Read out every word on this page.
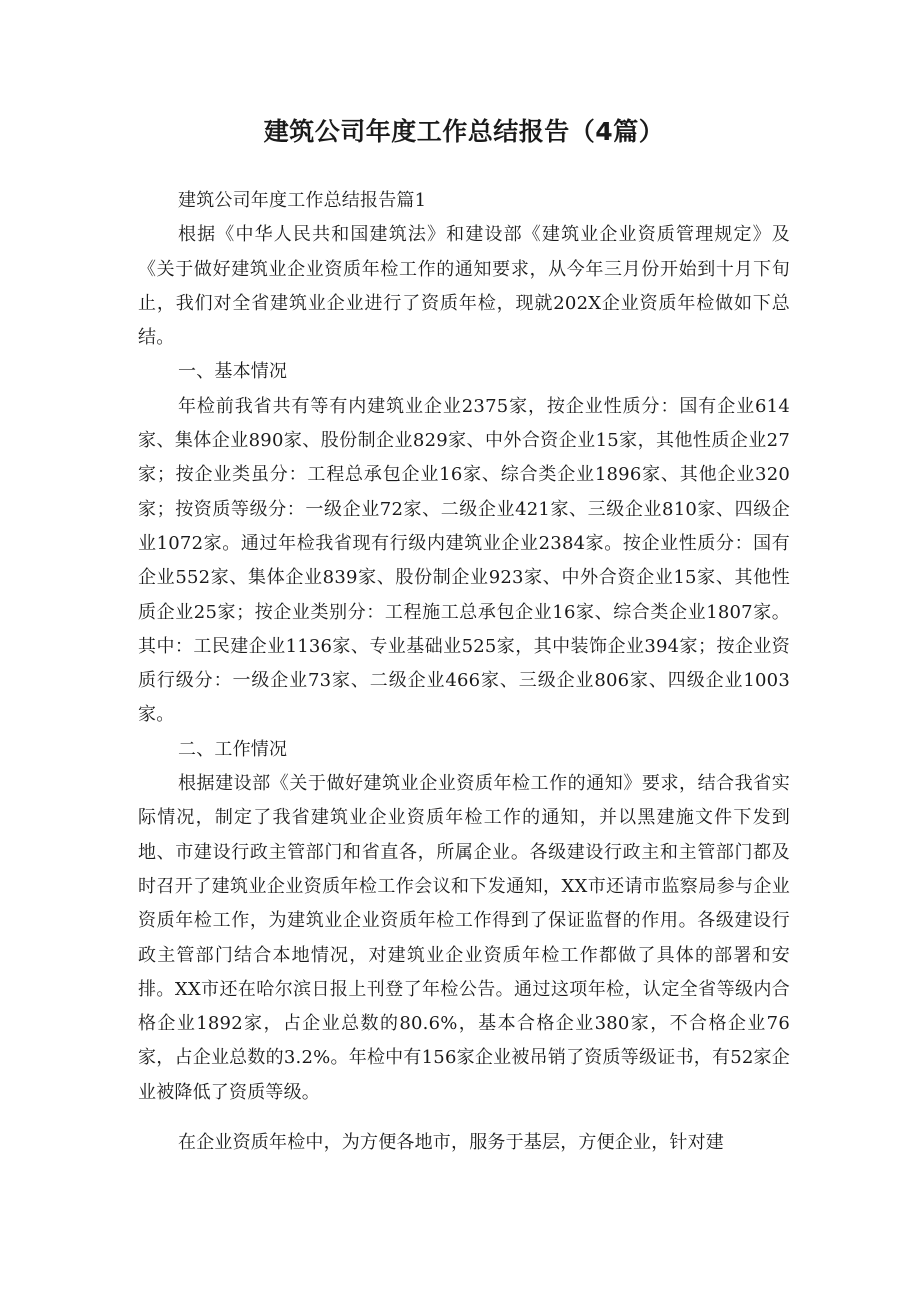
建筑公司年度工作总结报告（4篇）

建筑公司年度工作总结报告篇1

根据《中华人民共和国建筑法》和建设部《建筑业企业资质管理规定》及《关于做好建筑业企业资质年检工作的通知要求，从今年三月份开始到十月下旬止，我们对全省建筑业企业进行了资质年检，现就202X企业资质年检做如下总结。

一、基本情况

年检前我省共有等有内建筑业企业2375家，按企业性质分：国有企业614家、集体企业890家、股份制企业829家、中外合资企业15家，其他性质企业27家；按企业类虽分：工程总承包企业16家、综合类企业1896家、其他企业320家；按资质等级分：一级企业72家、二级企业421家、三级企业810家、四级企业1072家。通过年检我省现有行级内建筑业企业2384家。按企业性质分：国有企业552家、集体企业839家、股份制企业923家、中外合资企业15家、其他性质企业25家；按企业类别分：工程施工总承包企业16家、综合类企业1807家。其中：工民建企业1136家、专业基础业525家，其中装饰企业394家；按企业资质行级分：一级企业73家、二级企业466家、三级企业806家、四级企业1003家。

二、工作情况

根据建设部《关于做好建筑业企业资质年检工作的通知》要求，结合我省实际情况，制定了我省建筑业企业资质年检工作的通知，并以黑建施文件下发到地、市建设行政主管部门和省直各，所属企业。各级建设行政主和主管部门都及时召开了建筑业企业资质年检工作会议和下发通知，XX市还请市监察局参与企业资质年检工作，为建筑业企业资质年检工作得到了保证监督的作用。各级建设行政主管部门结合本地情况，对建筑业企业资质年检工作都做了具体的部署和安排。XX市还在哈尔滨日报上刊登了年检公告。通过这项年检，认定全省等级内合格企业1892家，占企业总数的80.6%，基本合格企业380家，不合格企业76家，占企业总数的3.2%。年检中有156家企业被吊销了资质等级证书，有52家企业被降低了资质等级。

在企业资质年检中，为方便各地市，服务于基层，方便企业，针对建
